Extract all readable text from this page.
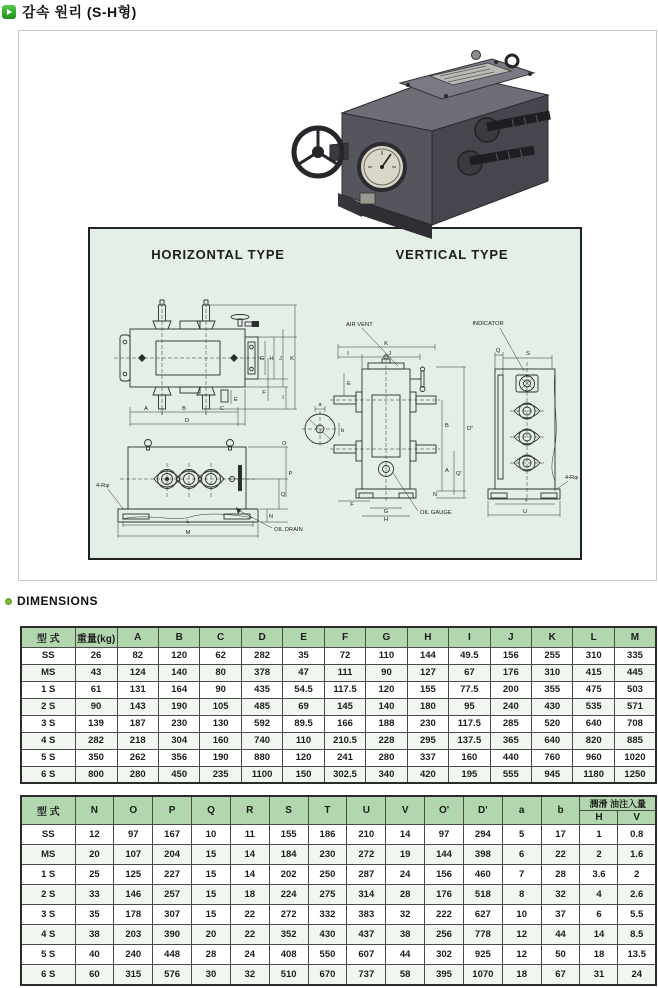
감속 원리 (S-H형)
HORIZONTAL TYPE	VERTICAL TYPE
A	B	C
D
E
G H J K
F
I
O
P
Q
N
L
M
4-Rφ
OIL DRAIN
a
b
AIR VENT
OIL GAUGE
K
I	J
E
B	D″
A Q'
N
F
G
H
INDICATOR
Q	S
I
U
4-Rφ
DIMENSIONS
型 式	重量(kg)	A	B	C	D	E	F	G	H	I	J	K	L	M
SS	26	82	120	62	282	35	72	110	144	49.5	156	255	310	335
MS	43	124	140	80	378	47	111	90	127	67	176	310	415	445
1 S	61	131	164	90	435	54.5	117.5	120	155	77.5	200	355	475	503
2 S	90	143	190	105	485	69	145	140	180	95	240	430	535	571
3 S	139	187	230	130	592	89.5	166	188	230	117.5	285	520	640	708
4 S	282	218	304	160	740	110	210.5	228	295	137.5	365	640	820	885
5 S	350	262	356	190	880	120	241	280	337	160	440	760	960	1020
6 S	800	280	450	235	1100	150	302.5	340	420	195	555	945	1180	1250
型 式	N	O	P	Q	R	S	T	U	V	O'	D'	a	b	潤滑 油注入量	
														H	V
SS	12	97	167	10	11	155	186	210	14	97	294	5	17	1	0.8
MS	20	107	204	15	14	184	230	272	19	144	398	6	22	2	1.6
1 S	25	125	227	15	14	202	250	287	24	156	460	7	28	3.6	2
2 S	33	146	257	15	18	224	275	314	28	176	518	8	32	4	2.6
3 S	35	178	307	15	22	272	332	383	32	222	627	10	37	6	5.5
4 S	38	203	390	20	22	352	430	437	38	256	778	12	44	14	8.5
5 S	40	240	448	28	24	408	550	607	44	302	925	12	50	18	13.5
6 S	60	315	576	30	32	510	670	737	58	395	1070	18	67	31	24
